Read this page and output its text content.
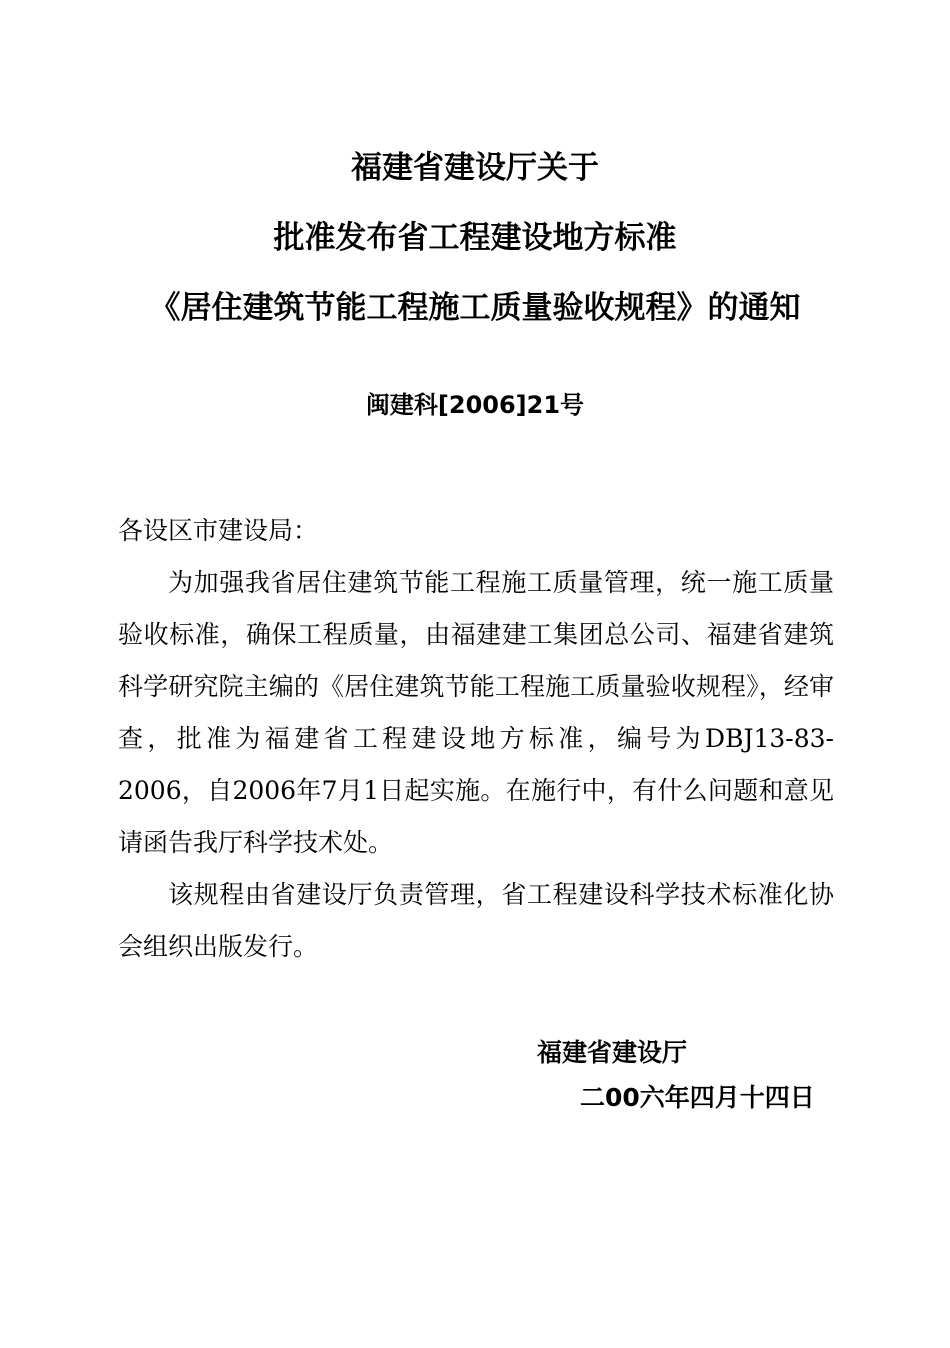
福建省建设厅关于
批准发布省工程建设地方标准
《居住建筑节能工程施工质量验收规程》的通知
闽建科[2006]21号

各设区市建设局：

为加强我省居住建筑节能工程施工质量管理，统一施工质量验收标准，确保工程质量，由福建建工集团总公司、福建省建筑科学研究院主编的《居住建筑节能工程施工质量验收规程》，经审查，批准为福建省工程建设地方标准，编号为DBJ13-83-2006，自2006年7月1日起实施。在施行中，有什么问题和意见请函告我厅科学技术处。

该规程由省建设厅负责管理，省工程建设科学技术标准化协会组织出版发行。

福建省建设厅
二00六年四月十四日
